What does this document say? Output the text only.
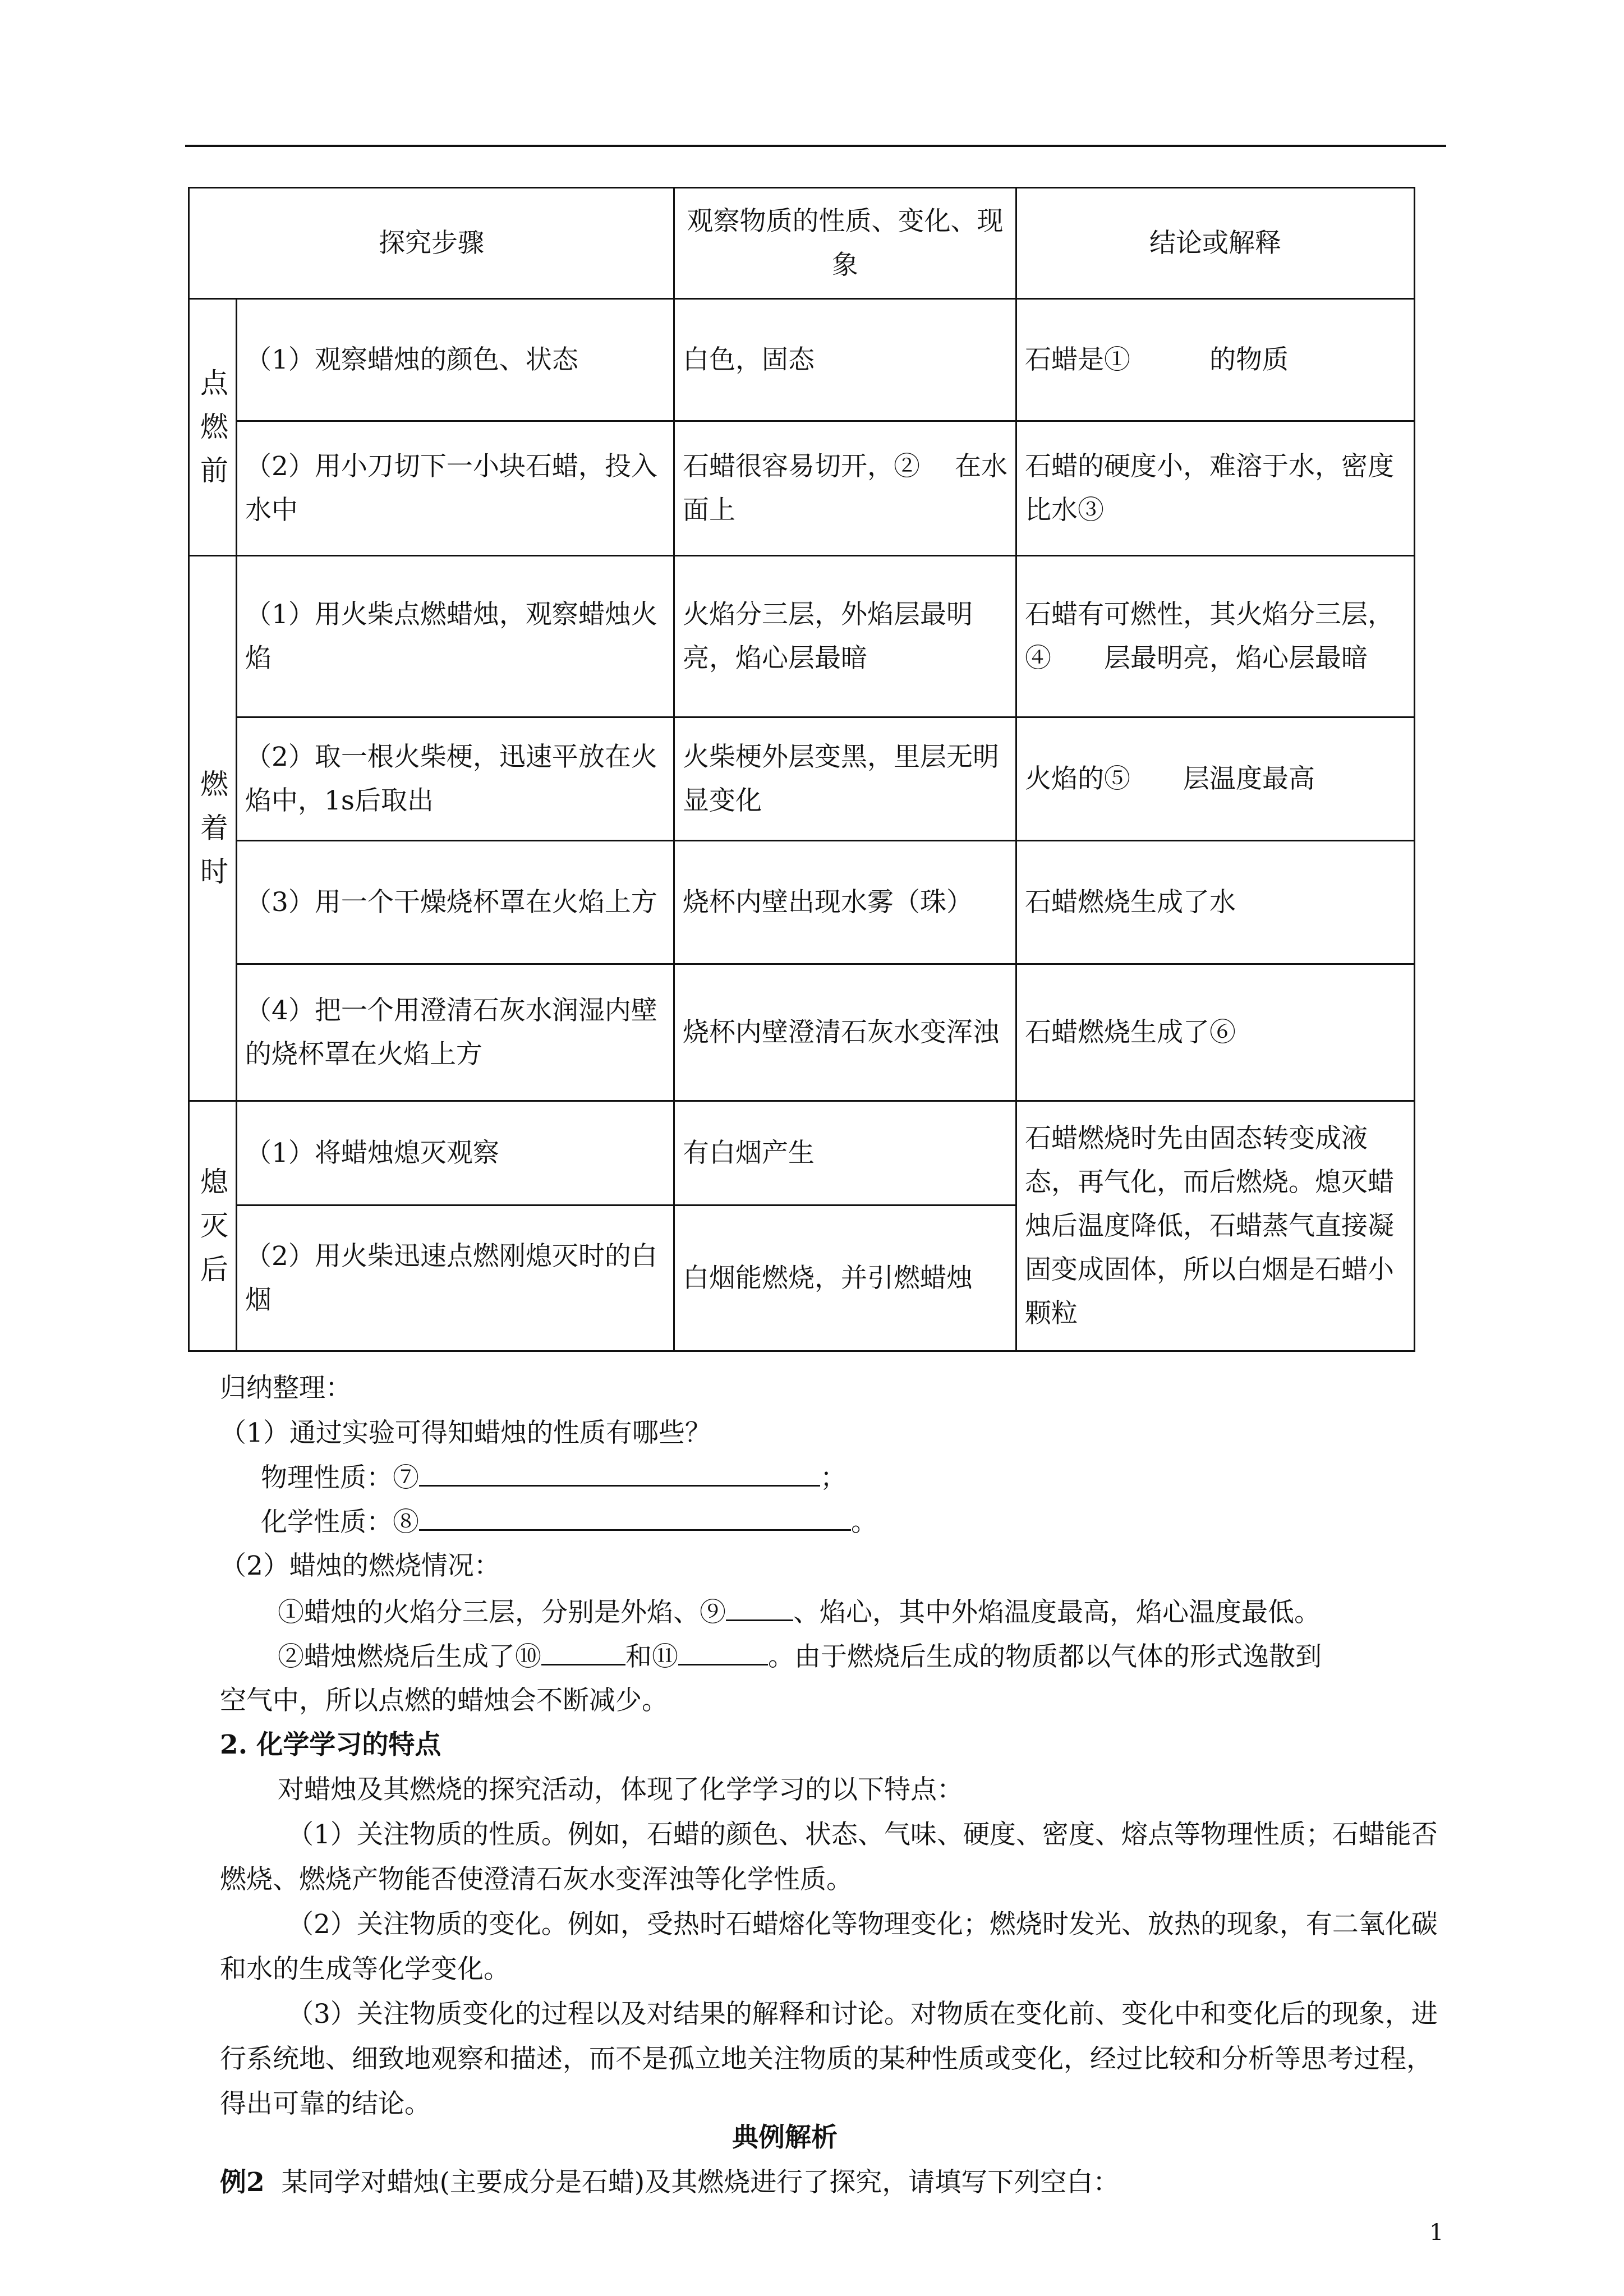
探究步骤		观察物质的性质、变化、现象	结论或解释
点燃前	（1）观察蜡烛的颜色、状态	白色，固态	石蜡是①　　　的物质
	（2）用小刀切下一小块石蜡，投入水中	石蜡很容易切开，②　 在水面上	石蜡的硬度小，难溶于水，密度比水③
燃着时	（1）用火柴点燃蜡烛，观察蜡烛火焰	火焰分三层，外焰层最明亮，焰心层最暗	石蜡有可燃性，其火焰分三层，④　　层最明亮，焰心层最暗
	（2）取一根火柴梗，迅速平放在火焰中，1s后取出	火柴梗外层变黑，里层无明显变化	火焰的⑤　　层温度最高
	（3）用一个干燥烧杯罩在火焰上方	烧杯内壁出现水雾（珠）	石蜡燃烧生成了水
	（4）把一个用澄清石灰水润湿内壁的烧杯罩在火焰上方	烧杯内壁澄清石灰水变浑浊	石蜡燃烧生成了⑥
熄灭后	（1）将蜡烛熄灭观察	有白烟产生	石蜡燃烧时先由固态转变成液态，再气化，而后燃烧。熄灭蜡烛后温度降低，石蜡蒸气直接凝固变成固体，所以白烟是石蜡小颗粒
	（2）用火柴迅速点燃刚熄灭时的白烟	白烟能燃烧，并引燃蜡烛	
归纳整理：
（1）通过实验可得知蜡烛的性质有哪些？
物理性质：⑦	；
化学性质：⑧	。
（2）蜡烛的燃烧情况：
①蜡烛的火焰分三层，分别是外焰、⑨	、焰心，其中外焰温度最高，焰心温度最低。
②蜡烛燃烧后生成了⑩	和⑪	。由于燃烧后生成的物质都以气体的形式逸散到
空气中，所以点燃的蜡烛会不断减少。
2. 化学学习的特点
对蜡烛及其燃烧的探究活动，体现了化学学习的以下特点：
（1）关注物质的性质。例如，石蜡的颜色、状态、气味、硬度、密度、熔点等物理性质；石蜡能否燃烧、燃烧产物能否使澄清石灰水变浑浊等化学性质。
（2）关注物质的变化。例如，受热时石蜡熔化等物理变化；燃烧时发光、放热的现象，有二氧化碳和水的生成等化学变化。
（3）关注物质变化的过程以及对结果的解释和讨论。对物质在变化前、变化中和变化后的现象，进行系统地、细致地观察和描述，而不是孤立地关注物质的某种性质或变化，经过比较和分析等思考过程，得出可靠的结论。
典例解析
例2 某同学对蜡烛(主要成分是石蜡)及其燃烧进行了探究，请填写下列空白：
1
